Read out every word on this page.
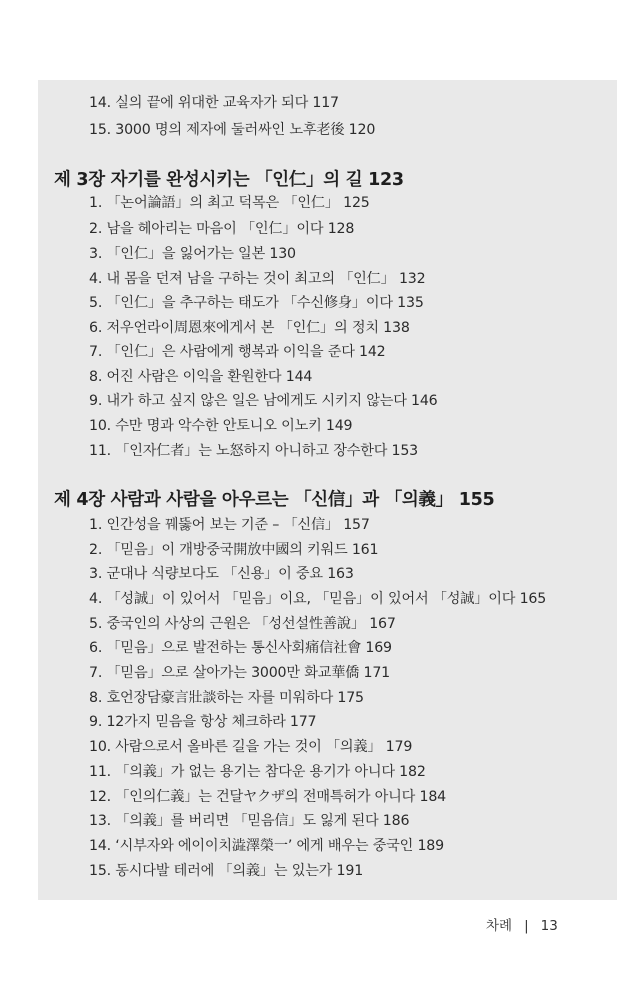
14. 실의 끝에 위대한 교육자가 되다 117
15. 3000 명의 제자에 둘러싸인 노후老後 120
제 3장 자기를 완성시키는 「인仁」의 길 123
1. 「논어論語」의 최고 덕목은 「인仁」 125
2. 남을 헤아리는 마음이 「인仁」이다 128
3. 「인仁」을 잃어가는 일본 130
4. 내 몸을 던져 남을 구하는 것이 최고의 「인仁」 132
5. 「인仁」을 추구하는 태도가 「수신修身」이다 135
6. 저우언라이周恩來에게서 본 「인仁」의 정치 138
7. 「인仁」은 사람에게 행복과 이익을 준다 142
8. 어진 사람은 이익을 환원한다 144
9. 내가 하고 싶지 않은 일은 남에게도 시키지 않는다 146
10. 수만 명과 악수한 안토니오 이노키 149
11. 「인자仁者」는 노怒하지 아니하고 장수한다 153
제 4장 사람과 사람을 아우르는 「신信」과 「의義」 155
1. 인간성을 꿰뚫어 보는 기준 – 「신信」 157
2. 「믿음」이 개방중국開放中國의 키워드 161
3. 군대나 식량보다도 「신용」이 중요 163
4. 「성誠」이 있어서 「믿음」이요, 「믿음」이 있어서 「성誠」이다 165
5. 중국인의 사상의 근원은 「성선설性善說」 167
6. 「믿음」으로 발전하는 통신사회痛信社會 169
7. 「믿음」으로 살아가는 3000만 화교華僑 171
8. 호언장담豪言壯談하는 자를 미워하다 175
9. 12가지 믿음을 항상 체크하라 177
10. 사람으로서 올바른 길을 가는 것이 「의義」 179
11. 「의義」가 없는 용기는 참다운 용기가 아니다 182
12. 「인의仁義」는 건달ヤクザ의 전매특허가 아니다 184
13. 「의義」를 버리면 「믿음信」도 잃게 된다 186
14. ‘시부자와 에이이치澁澤榮一’ 에게 배우는 중국인 189
15. 동시다발 테러에 「의義」는 있는가 191
차례 | 13
